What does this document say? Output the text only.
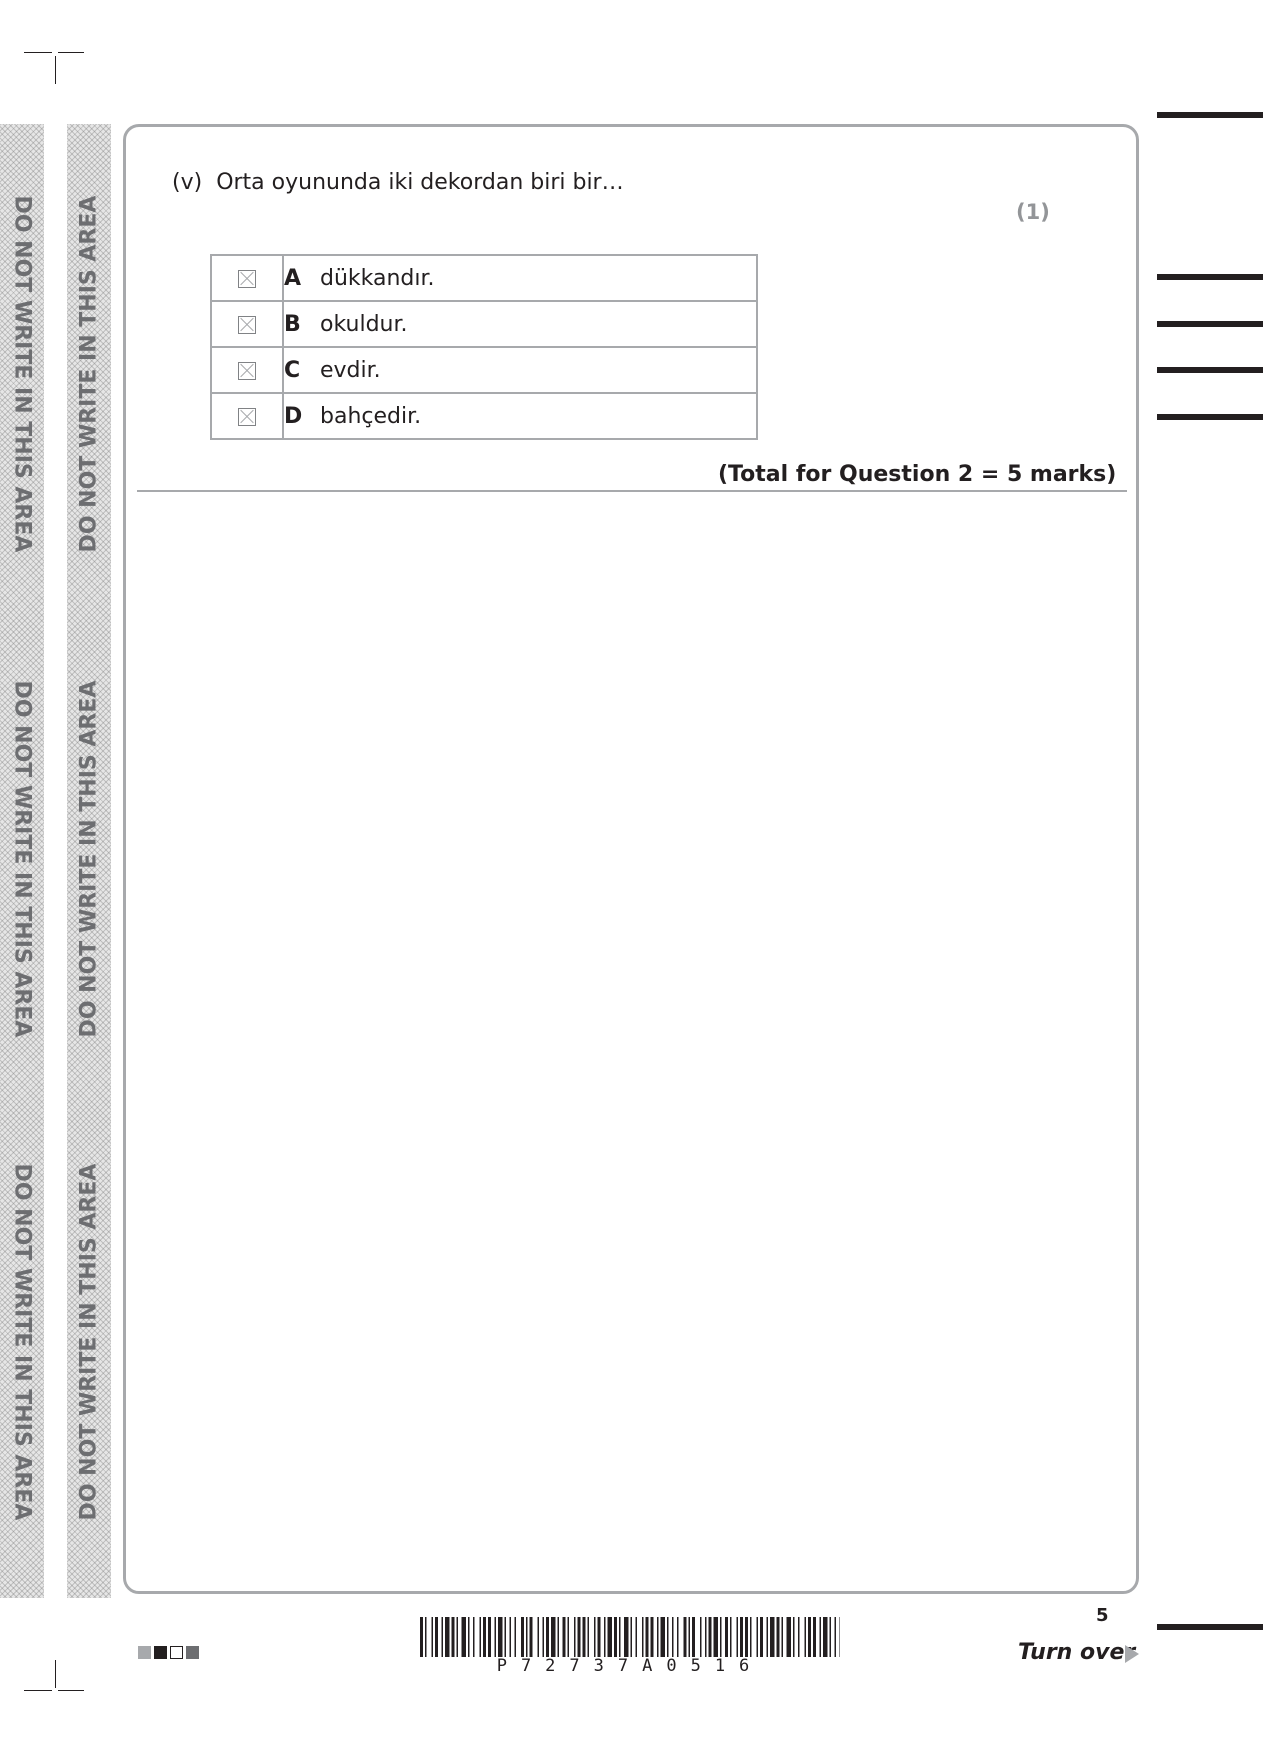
DO NOT WRITE IN THIS AREA
DO NOT WRITE IN THIS AREA
DO NOT WRITE IN THIS AREA
DO NOT WRITE IN THIS AREA
DO NOT WRITE IN THIS AREA
DO NOT WRITE IN THIS AREA
(v) Orta oyununda iki dekordan biri bir…
(1)
	A dükkandır.
	B okuldur.
	C evdir.
	D bahçedir.
(Total for Question 2 = 5 marks)
P72737A0516
5
Turn over
